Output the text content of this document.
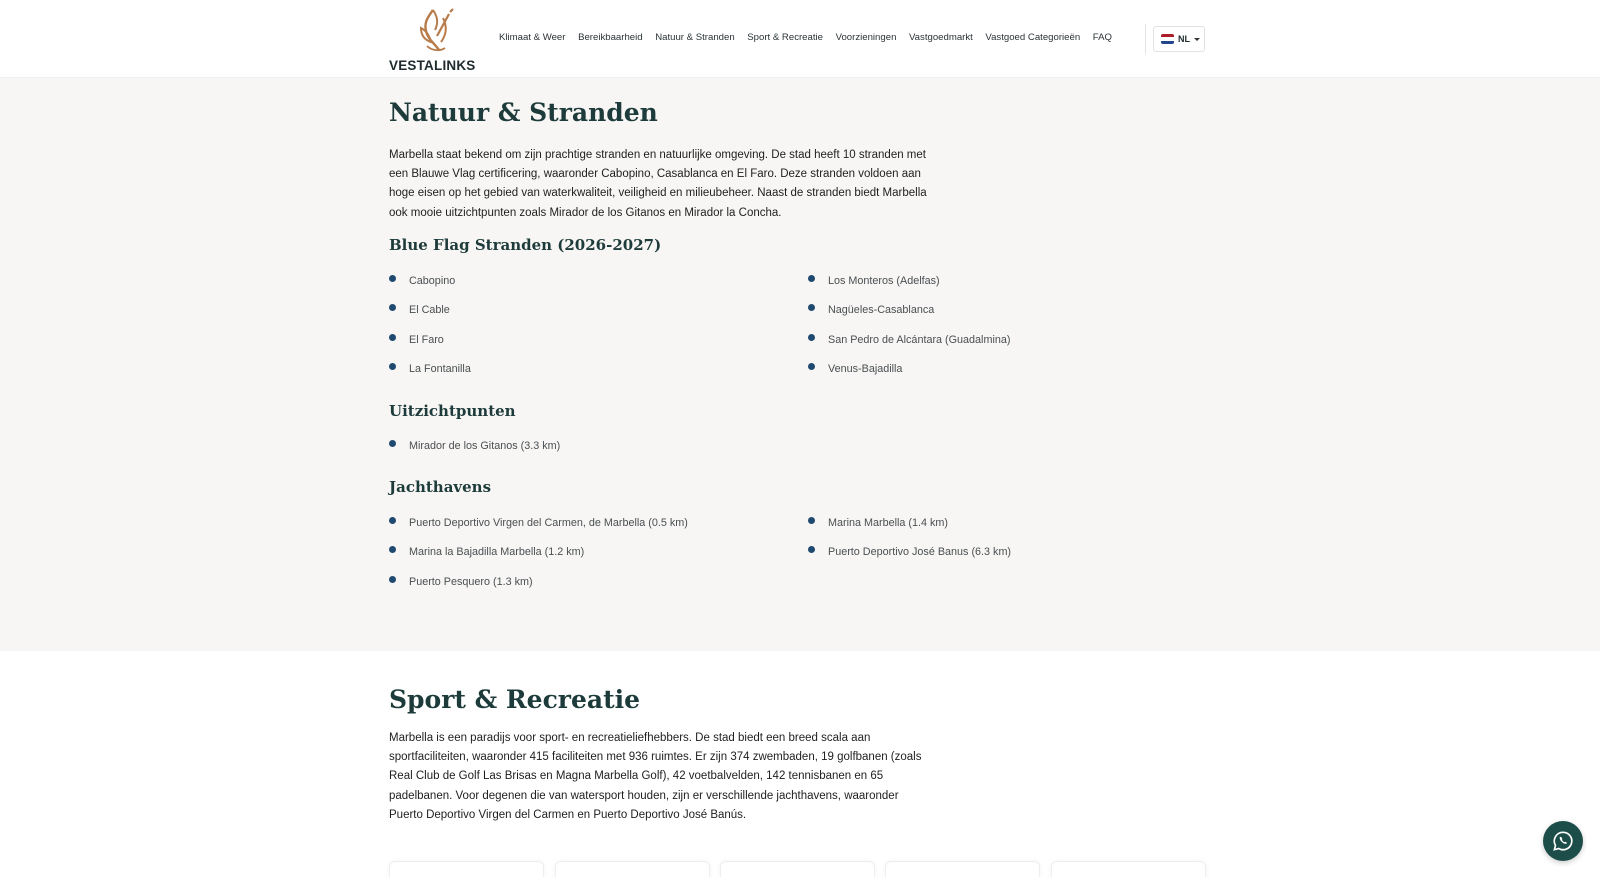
VESTALINKS
Klimaat & Weer Bereikbaarheid Natuur & Stranden Sport & Recreatie Voorzieningen Vastgoedmarkt Vastgoed Categorieën FAQ	NL
Natuur & Stranden

Marbella staat bekend om zijn prachtige stranden en natuurlijke omgeving. De stad heeft 10 stranden met een Blauwe Vlag certificering, waaronder Cabopino, Casablanca en El Faro. Deze stranden voldoen aan hoge eisen op het gebied van waterkwaliteit, veiligheid en milieubeheer. Naast de stranden biedt Marbella ook mooie uitzichtpunten zoals Mirador de los Gitanos en Mirador la Concha.

Blue Flag Stranden (2026-2027)
Cabopino
El Cable
El Faro
La Fontanilla
Los Monteros (Adelfas)
Nagüeles-Casablanca
San Pedro de Alcántara (Guadalmina)
Venus-Bajadilla
Uitzichtpunten
Mirador de los Gitanos (3.3 km)
Jachthavens
Puerto Deportivo Virgen del Carmen, de Marbella (0.5 km)
Marina la Bajadilla Marbella (1.2 km)
Puerto Pesquero (1.3 km)
Marina Marbella (1.4 km)
Puerto Deportivo José Banus (6.3 km)
Sport & Recreatie

Marbella is een paradijs voor sport- en recreatieliefhebbers. De stad biedt een breed scala aan sportfaciliteiten, waaronder 415 faciliteiten met 936 ruimtes. Er zijn 374 zwembaden, 19 golfbanen (zoals Real Club de Golf Las Brisas en Magna Marbella Golf), 42 voetbalvelden, 142 tennisbanen en 65 padelbanen. Voor degenen die van watersport houden, zijn er verschillende jachthavens, waaronder Puerto Deportivo Virgen del Carmen en Puerto Deportivo José Banús.
